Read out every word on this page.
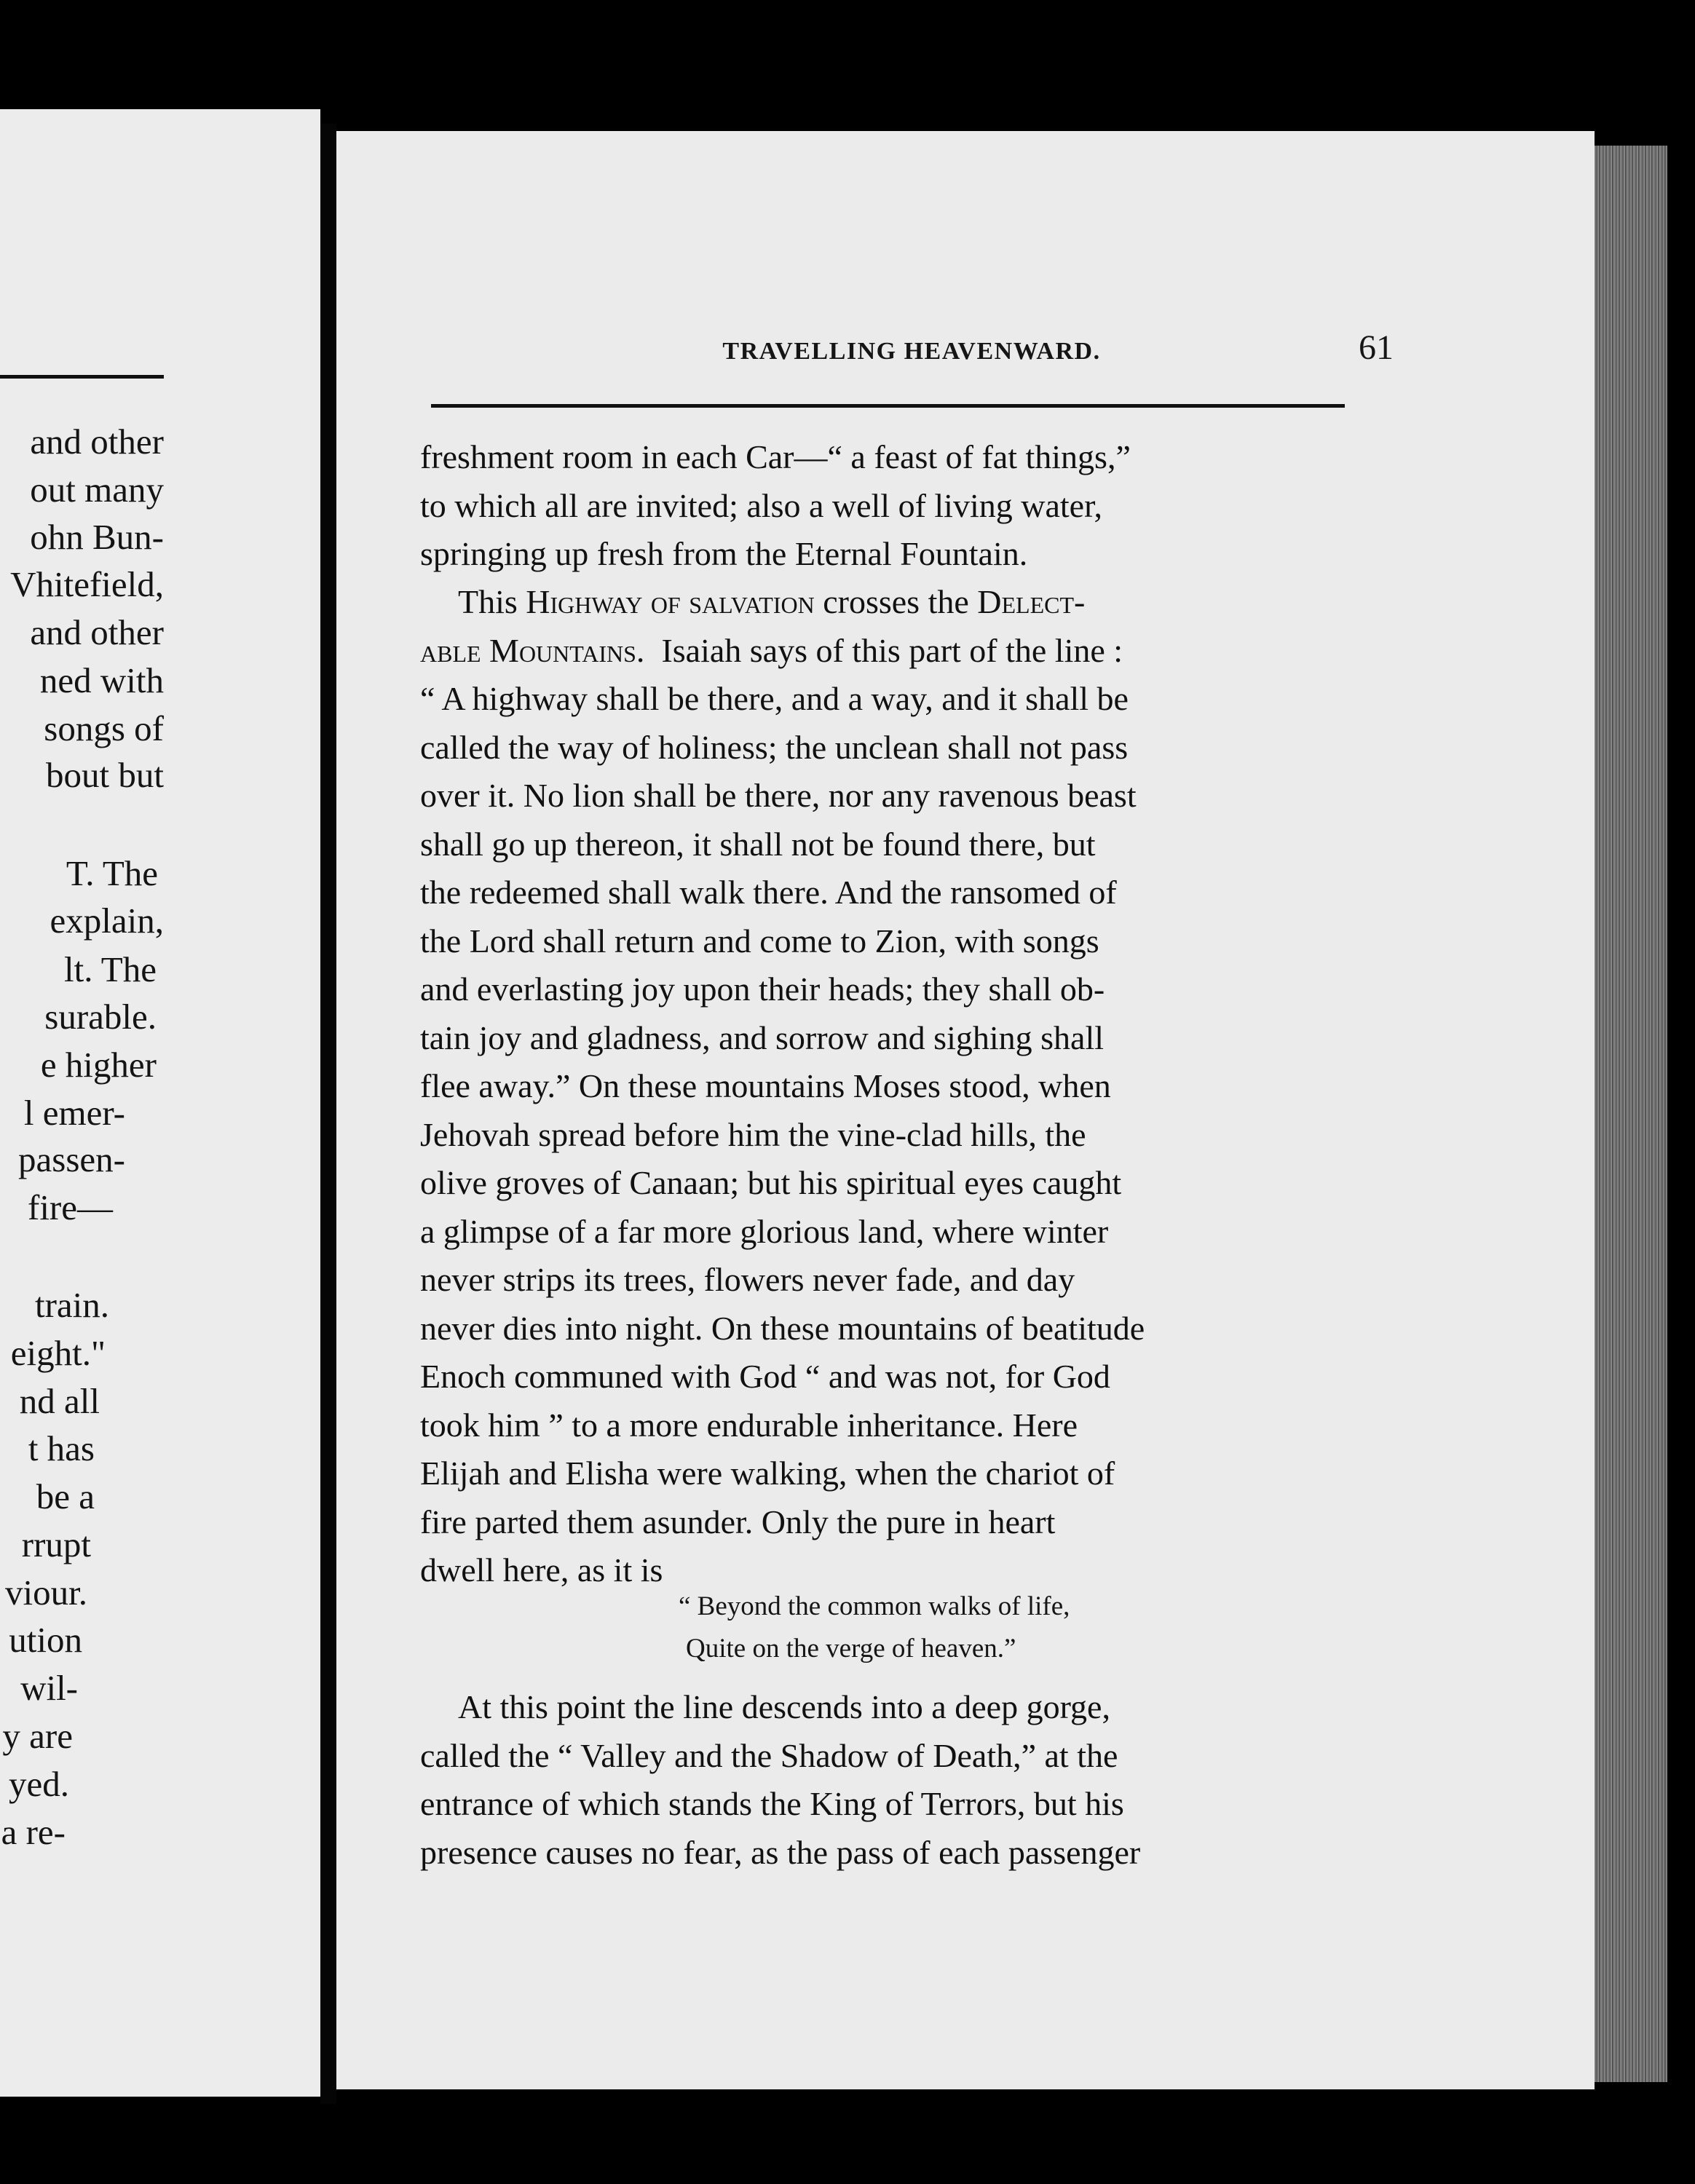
and other
out many
ohn Bun-
Vhitefield,
and other
ned with
songs of
bout but
T. The
explain,
lt. The
surable.
e higher
l emer-
passen-
fire—
train.
eight."
nd all
t has
be a
rrupt
viour.
ution
wil-
y are
yed.
a re-
TRAVELLING HEAVENWARD.	61
freshment room in each Car—“ a feast of fat things,”
to which all are invited; also a well of living water,
springing up fresh from the Eternal Fountain.
This Highway of salvation crosses the Delect-
able Mountains.  Isaiah says of this part of the line :
“ A highway shall be there, and a way, and it shall be
called the way of holiness; the unclean shall not pass
over it. No lion shall be there, nor any ravenous beast
shall go up thereon, it shall not be found there, but
the redeemed shall walk there. And the ransomed of
the Lord shall return and come to Zion, with songs
and everlasting joy upon their heads; they shall ob-
tain joy and gladness, and sorrow and sighing shall
flee away.” On these mountains Moses stood, when
Jehovah spread before him the vine-clad hills, the
olive groves of Canaan; but his spiritual eyes caught
a glimpse of a far more glorious land, where winter
never strips its trees, flowers never fade, and day
never dies into night. On these mountains of beatitude
Enoch communed with God “ and was not, for God
took him ” to a more endurable inheritance. Here
Elijah and Elisha were walking, when the chariot of
fire parted them asunder. Only the pure in heart
dwell here, as it is
“ Beyond the common walks of life,
Quite on the verge of heaven.”
At this point the line descends into a deep gorge,
called the “ Valley and the Shadow of Death,” at the
entrance of which stands the King of Terrors, but his
presence causes no fear, as the pass of each passenger
